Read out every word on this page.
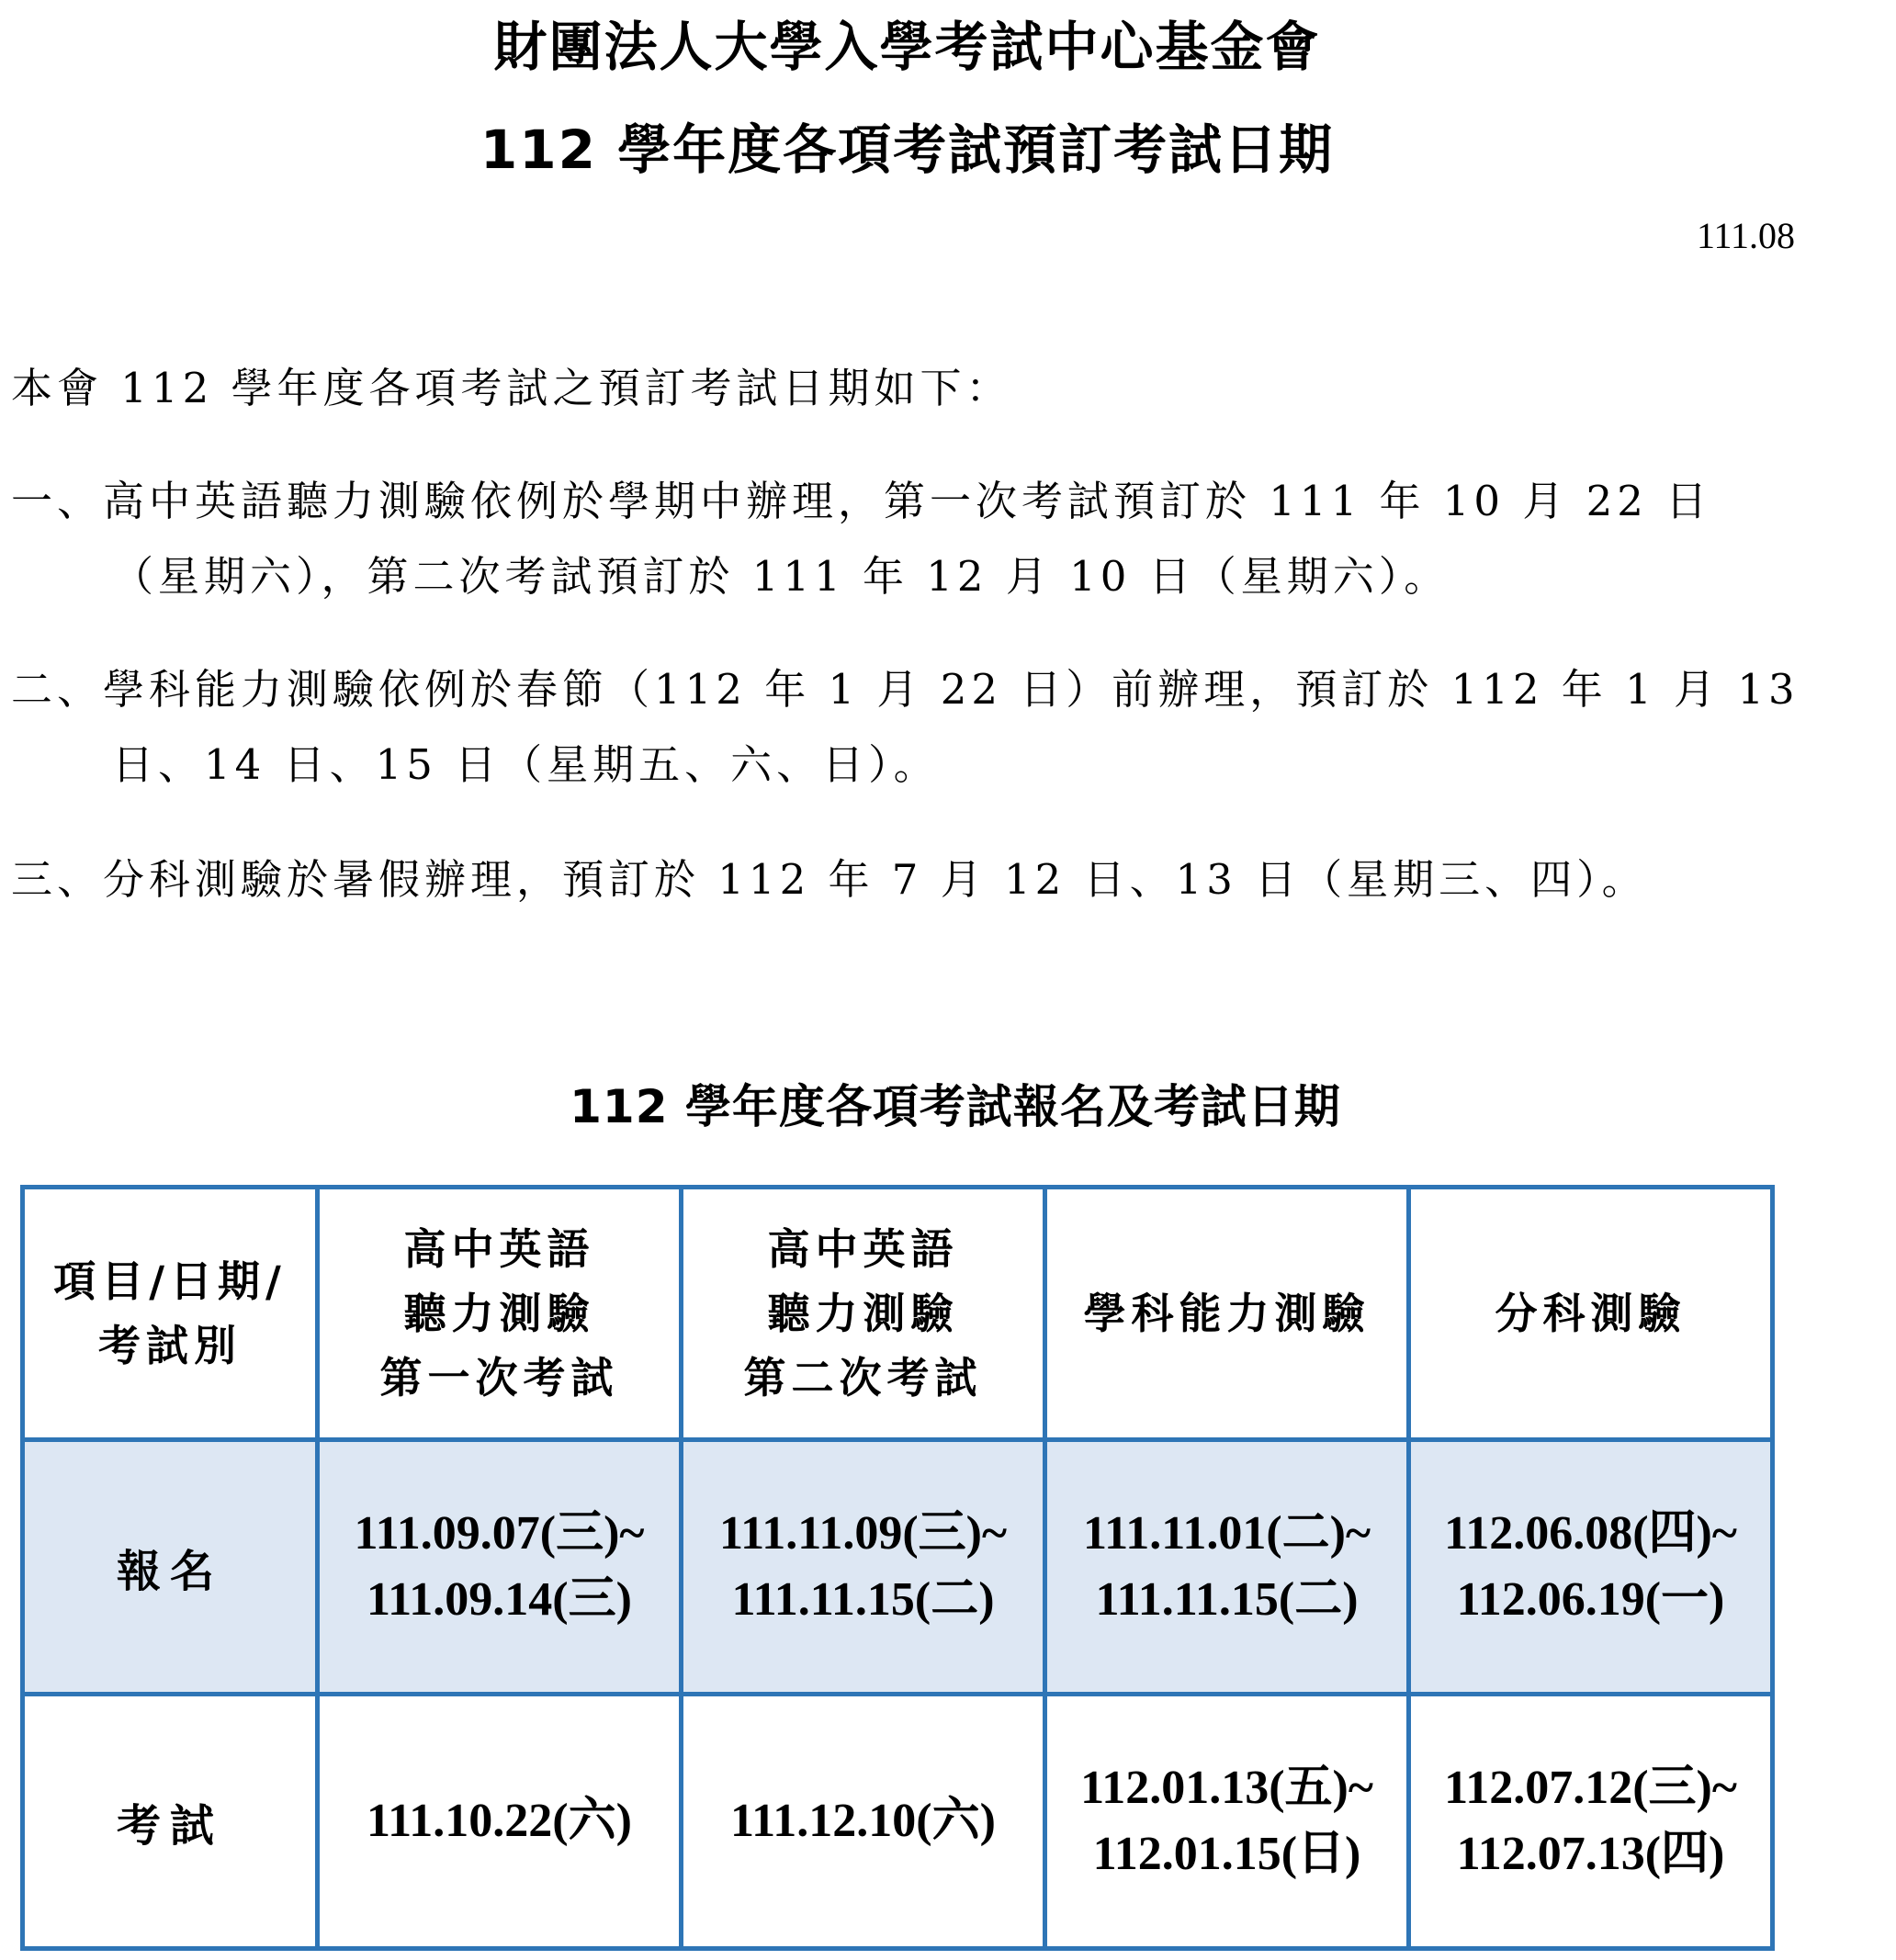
財團法人大學入學考試中心基金會
112 學年度各項考試預訂考試日期
111.08
本會 112 學年度各項考試之預訂考試日期如下：
一、高中英語聽力測驗依例於學期中辦理，第一次考試預訂於 111 年 10 月 22 日
（星期六），第二次考試預訂於 111 年 12 月 10 日（星期六）。
二、學科能力測驗依例於春節（112 年 1 月 22 日）前辦理，預訂於 112 年 1 月 13
日、14 日、15 日（星期五、六、日）。
三、分科測驗於暑假辦理，預訂於 112 年 7 月 12 日、13 日（星期三、四）。
112 學年度各項考試報名及考試日期
項目/日期/
考試別	高中英語
聽力測驗
第一次考試	高中英語
聽力測驗
第二次考試	學科能力測驗	分科測驗

報名	111.09.07(三)~
111.09.14(三)	111.11.09(三)~
111.11.15(二)	111.11.01(二)~
111.11.15(二)	112.06.08(四)~
112.06.19(一)

考試	111.10.22(六)	111.12.10(六)	112.01.13(五)~
112.01.15(日)	112.07.12(三)~
112.07.13(四)
